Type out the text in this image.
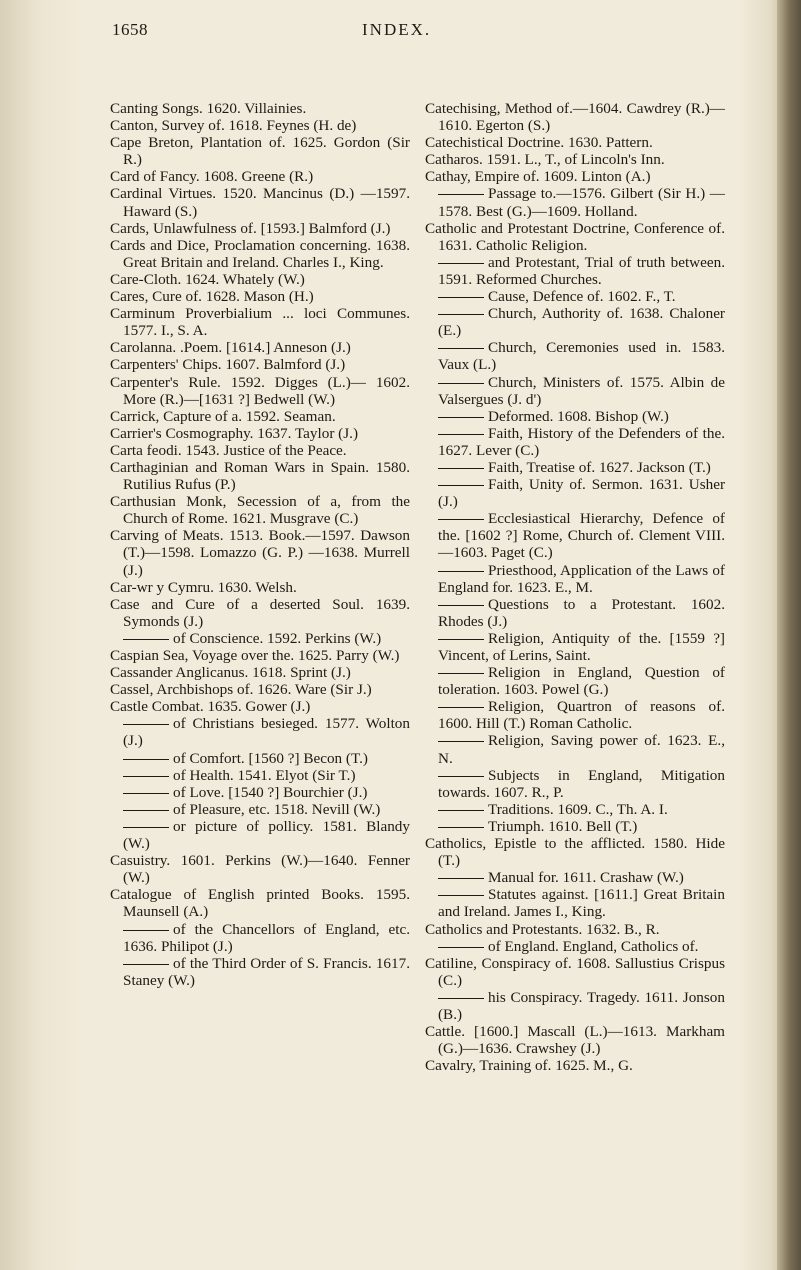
1658	INDEX.

Canting Songs. 1620. Villainies.

Canton, Survey of. 1618. Feynes (H. de)

Cape Breton, Plantation of. 1625. Gordon (Sir R.)

Card of Fancy. 1608. Greene (R.)

Cardinal Virtues. 1520. Mancinus (D.) —1597. Haward (S.)

Cards, Unlawfulness of. [1593.] Balmford (J.)

Cards and Dice, Proclamation concerning. 1638. Great Britain and Ireland. Charles I., King.

Care-Cloth. 1624. Whately (W.)

Cares, Cure of. 1628. Mason (H.)

Carminum Proverbialium ... loci Communes. 1577. I., S. A.

Carolanna. .Poem. [1614.] Anneson (J.)

Carpenters' Chips. 1607. Balmford (J.)

Carpenter's Rule. 1592. Digges (L.)— 1602. More (R.)—[1631 ?] Bedwell (W.)

Carrick, Capture of a. 1592. Seaman.

Carrier's Cosmography. 1637. Taylor (J.)

Carta feodi. 1543. Justice of the Peace.

Carthaginian and Roman Wars in Spain. 1580. Rutilius Rufus (P.)

Carthusian Monk, Secession of a, from the Church of Rome. 1621. Musgrave (C.)

Carving of Meats. 1513. Book.—1597. Dawson (T.)—1598. Lomazzo (G. P.) —1638. Murrell (J.)

Car-wr y Cymru. 1630. Welsh.

Case and Cure of a deserted Soul. 1639. Symonds (J.)

of Conscience. 1592. Perkins (W.)

Caspian Sea, Voyage over the. 1625. Parry (W.)

Cassander Anglicanus. 1618. Sprint (J.)

Cassel, Archbishops of. 1626. Ware (Sir J.)

Castle Combat. 1635. Gower (J.)

of Christians besieged. 1577. Wolton (J.)

of Comfort. [1560 ?] Becon (T.)

of Health. 1541. Elyot (Sir T.)

of Love. [1540 ?] Bourchier (J.)

of Pleasure, etc. 1518. Nevill (W.)

or picture of pollicy. 1581. Blandy (W.)

Casuistry. 1601. Perkins (W.)—1640. Fenner (W.)

Catalogue of English printed Books. 1595. Maunsell (A.)

of the Chancellors of England, etc. 1636. Philipot (J.)

of the Third Order of S. Francis. 1617. Staney (W.)

Catechising, Method of.—1604. Cawdrey (R.)—1610. Egerton (S.)

Catechistical Doctrine. 1630. Pattern.

Catharos. 1591. L., T., of Lincoln's Inn.

Cathay, Empire of. 1609. Linton (A.)

Passage to.—1576. Gilbert (Sir H.) —1578. Best (G.)—1609. Holland.

Catholic and Protestant Doctrine, Conference of. 1631. Catholic Religion.

and Protestant, Trial of truth between. 1591. Reformed Churches.

Cause, Defence of. 1602. F., T.

Church, Authority of. 1638. Chaloner (E.)

Church, Ceremonies used in. 1583. Vaux (L.)

Church, Ministers of. 1575. Albin de Valsergues (J. d')

Deformed. 1608. Bishop (W.)

Faith, History of the Defenders of the. 1627. Lever (C.)

Faith, Treatise of. 1627. Jackson (T.)

Faith, Unity of. Sermon. 1631. Usher (J.)

Ecclesiastical Hierarchy, Defence of the. [1602 ?] Rome, Church of. Clement VIII.—1603. Paget (C.)

Priesthood, Application of the Laws of England for. 1623. E., M.

Questions to a Protestant. 1602. Rhodes (J.)

Religion, Antiquity of the. [1559 ?] Vincent, of Lerins, Saint.

Religion in England, Question of toleration. 1603. Powel (G.)

Religion, Quartron of reasons of. 1600. Hill (T.) Roman Catholic.

Religion, Saving power of. 1623. E., N.

Subjects in England, Mitigation towards. 1607. R., P.

Traditions. 1609. C., Th. A. I.

Triumph. 1610. Bell (T.)

Catholics, Epistle to the afflicted. 1580. Hide (T.)

Manual for. 1611. Crashaw (W.)

Statutes against. [1611.] Great Britain and Ireland. James I., King.

Catholics and Protestants. 1632. B., R.

of England. England, Catholics of.

Catiline, Conspiracy of. 1608. Sallustius Crispus (C.)

his Conspiracy. Tragedy. 1611. Jonson (B.)

Cattle. [1600.] Mascall (L.)—1613. Markham (G.)—1636. Crawshey (J.)

Cavalry, Training of. 1625. M., G.
